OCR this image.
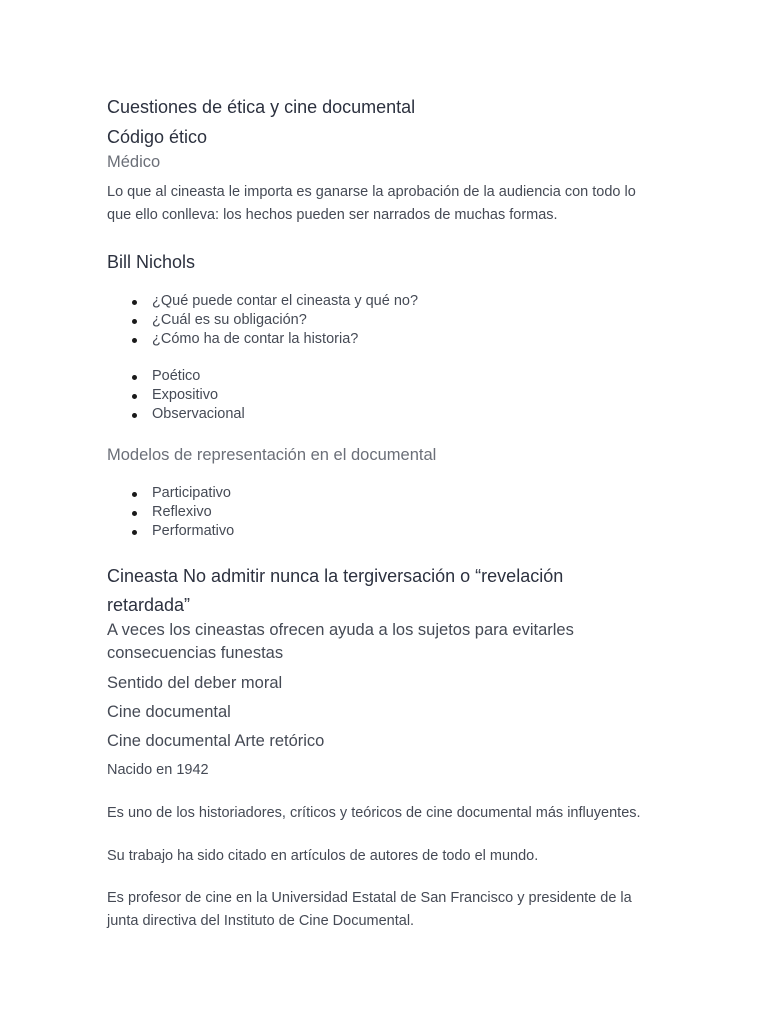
Cuestiones de ética y cine documental

Código ético

Médico

Lo que al cineasta le importa es ganarse la aprobación de la audiencia con todo lo
que ello conlleva: los hechos pueden ser narrados de muchas formas.

Bill Nichols

¿Qué puede contar el cineasta y qué no?
¿Cuál es su obligación?
¿Cómo ha de contar la historia?
Poético
Expositivo
Observacional

Modelos de representación en el documental

Participativo
Reflexivo
Performativo
Cineasta No admitir nunca la tergiversación o “revelación
retardada”
A veces los cineastas ofrecen ayuda a los sujetos para evitarles
consecuencias funestas

Sentido del deber moral

Cine documental

Cine documental Arte retórico

Nacido en 1942

Es uno de los historiadores, críticos y teóricos de cine documental más influyentes.

Su trabajo ha sido citado en artículos de autores de todo el mundo.

Es profesor de cine en la Universidad Estatal de San Francisco y presidente de la
junta directiva del Instituto de Cine Documental.
